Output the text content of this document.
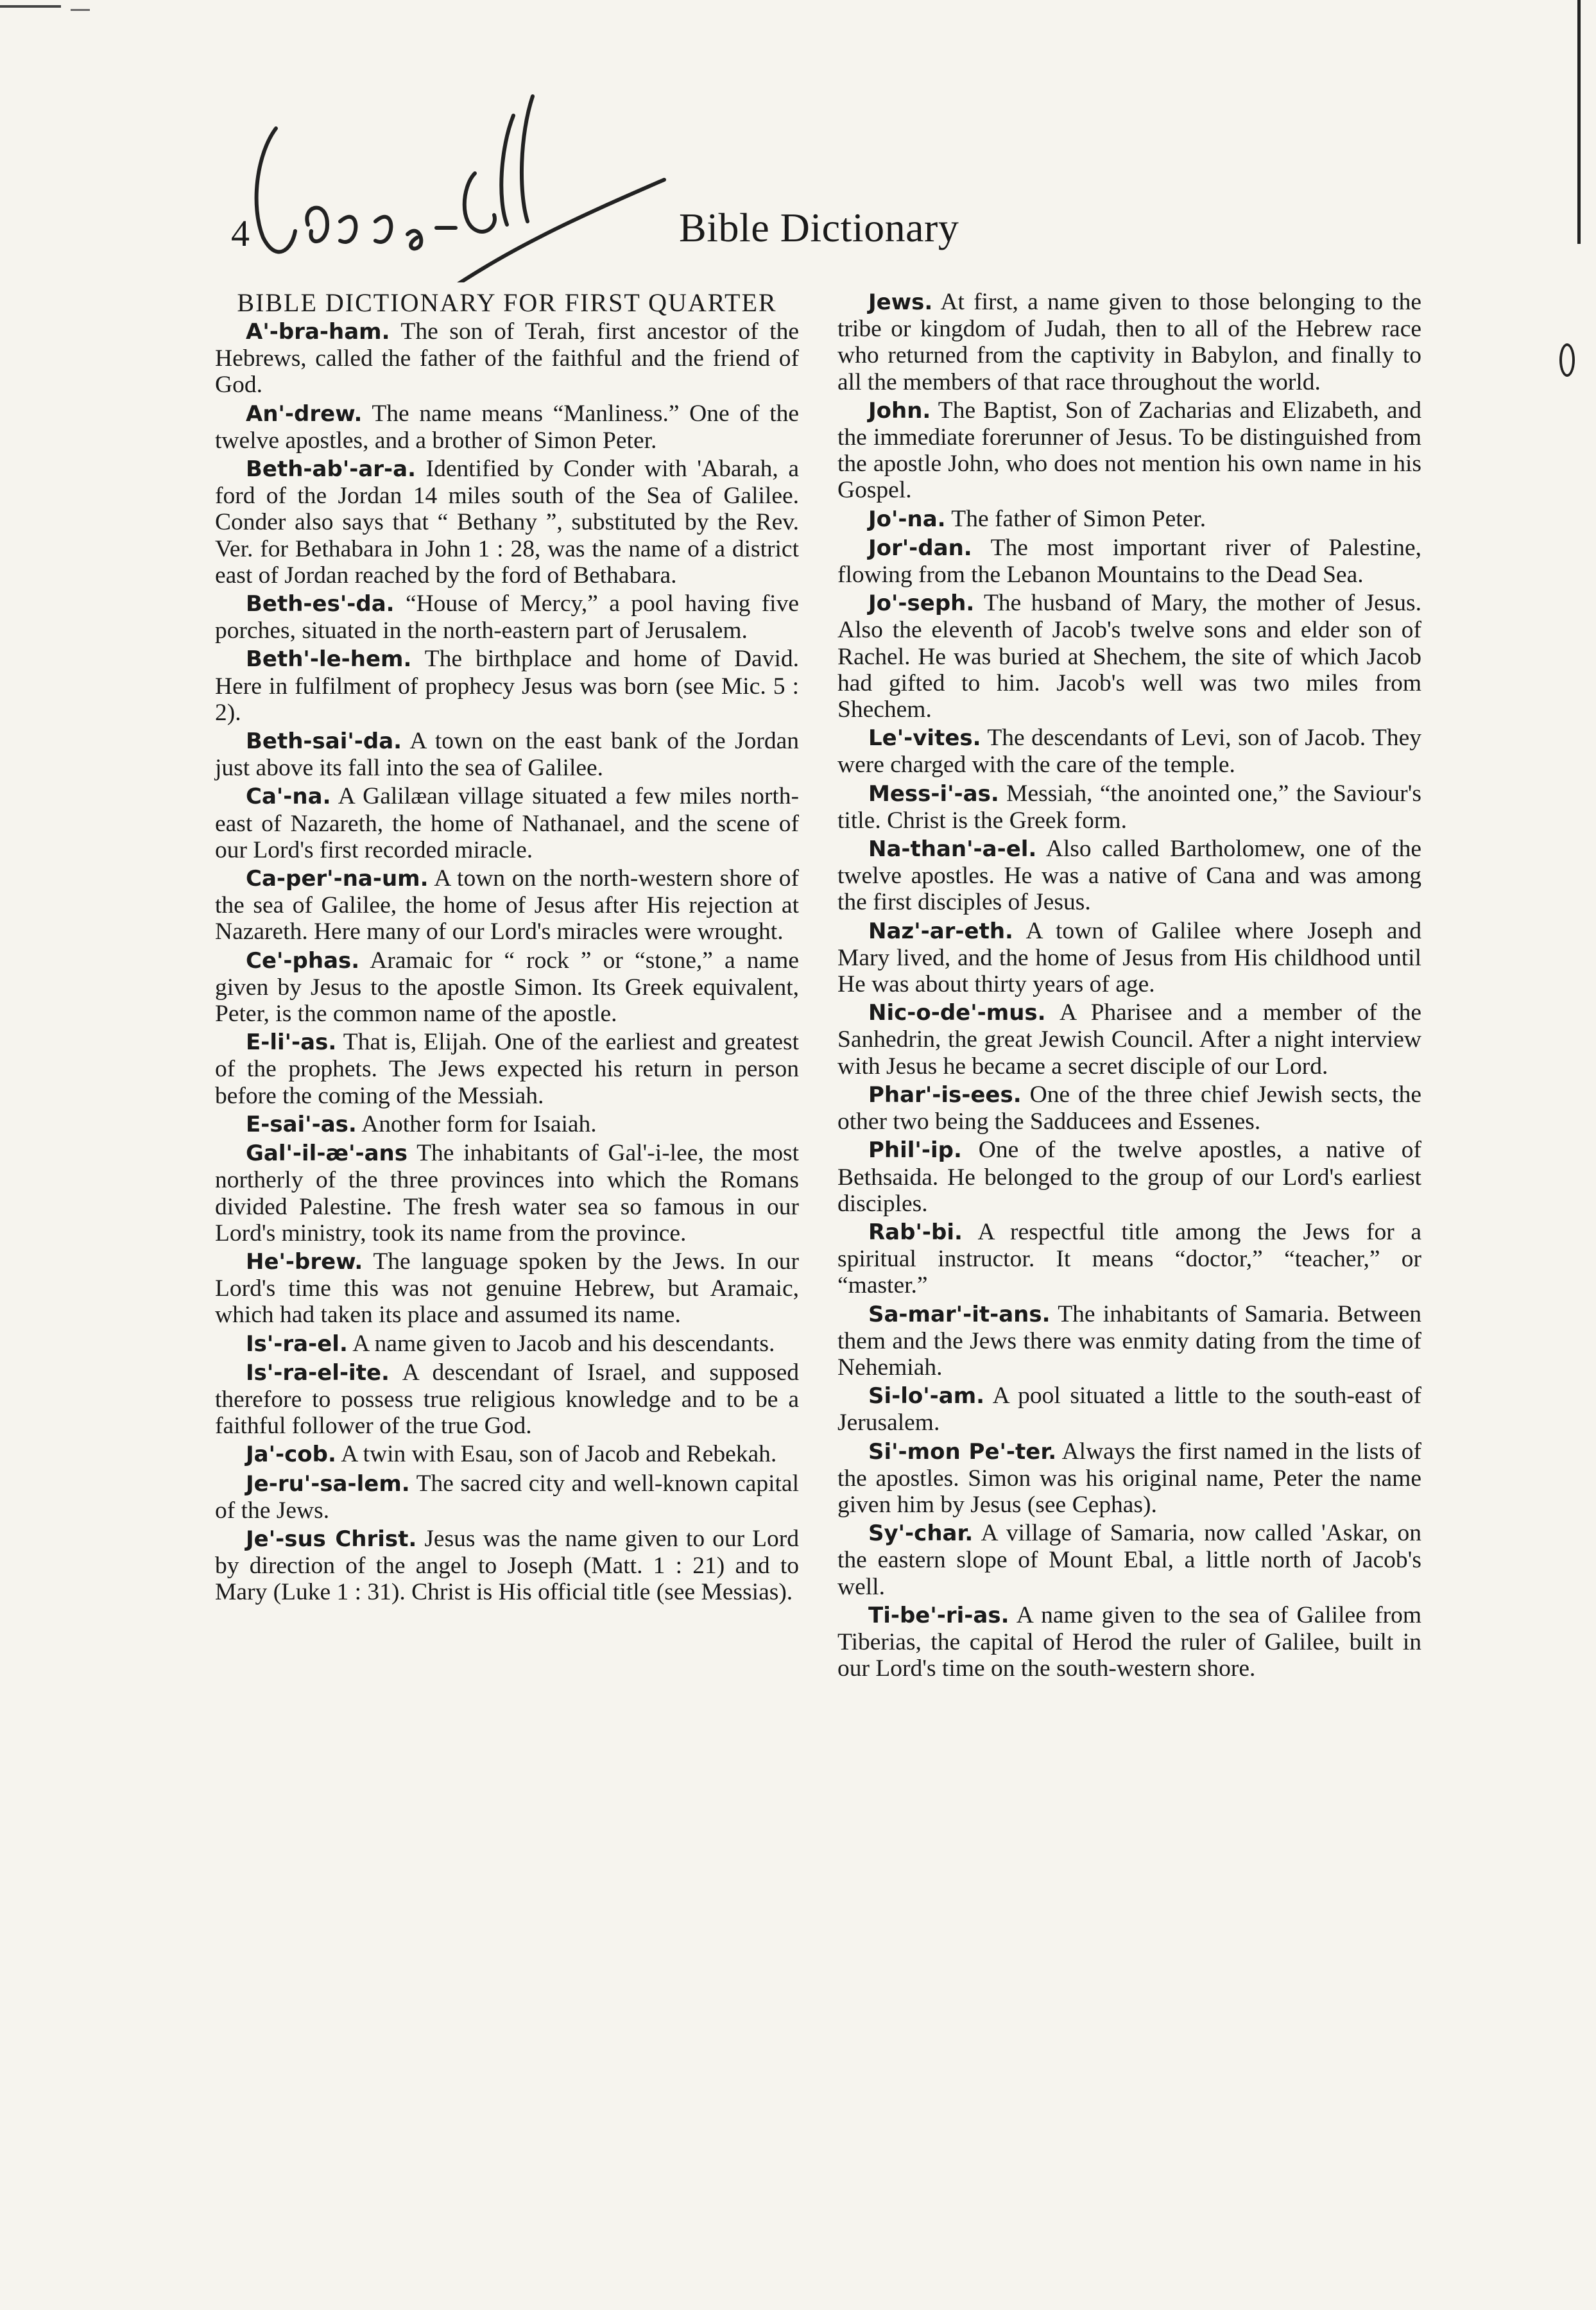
4	Bible Dictionary
BIBLE DICTIONARY FOR FIRST QUARTER

A'-bra-ham. The son of Terah, first ancestor of the Hebrews, called the father of the faithful and the friend of God.

An'-drew. The name means “Manliness.” One of the twelve apostles, and a brother of Simon Peter.

Beth-ab'-ar-a. Identified by Conder with 'Abarah, a ford of the Jordan 14 miles south of the Sea of Galilee. Conder also says that “ Bethany ”, substituted by the Rev. Ver. for Bethabara in John 1 : 28, was the name of a district east of Jordan reached by the ford of Bethabara.

Beth-es'-da. “House of Mercy,” a pool having five porches, situated in the north-eastern part of Jerusalem.

Beth'-le-hem. The birthplace and home of David. Here in fulfilment of prophecy Jesus was born (see Mic. 5 : 2).

Beth-sai'-da. A town on the east bank of the Jordan just above its fall into the sea of Galilee.

Ca'-na. A Galilæan village situated a few miles north-east of Nazareth, the home of Nathanael, and the scene of our Lord's first recorded miracle.

Ca-per'-na-um. A town on the north-western shore of the sea of Galilee, the home of Jesus after His rejection at Nazareth. Here many of our Lord's miracles were wrought.

Ce'-phas. Aramaic for “ rock ” or “stone,” a name given by Jesus to the apostle Simon. Its Greek equivalent, Peter, is the common name of the apostle.

E-li'-as. That is, Elijah. One of the earliest and greatest of the prophets. The Jews expected his return in person before the coming of the Messiah.

E-sai'-as. Another form for Isaiah.

Gal'-il-æ'-ans The inhabitants of Gal'-i-lee, the most northerly of the three provinces into which the Romans divided Palestine. The fresh water sea so famous in our Lord's ministry, took its name from the province.

He'-brew. The language spoken by the Jews. In our Lord's time this was not genuine Hebrew, but Aramaic, which had taken its place and assumed its name.

Is'-ra-el. A name given to Jacob and his descendants.

Is'-ra-el-ite. A descendant of Israel, and supposed therefore to possess true religious knowledge and to be a faithful follower of the true God.

Ja'-cob. A twin with Esau, son of Jacob and Rebekah.

Je-ru'-sa-lem. The sacred city and well-known capital of the Jews.

Je'-sus Christ. Jesus was the name given to our Lord by direction of the angel to Joseph (Matt. 1 : 21) and to Mary (Luke 1 : 31). Christ is His official title (see Messias).

Jews. At first, a name given to those belonging to the tribe or kingdom of Judah, then to all of the Hebrew race who returned from the captivity in Babylon, and finally to all the members of that race throughout the world.

John. The Baptist, Son of Zacharias and Elizabeth, and the immediate forerunner of Jesus. To be distinguished from the apostle John, who does not mention his own name in his Gospel.

Jo'-na. The father of Simon Peter.

Jor'-dan. The most important river of Palestine, flowing from the Lebanon Mountains to the Dead Sea.

Jo'-seph. The husband of Mary, the mother of Jesus. Also the eleventh of Jacob's twelve sons and elder son of Rachel. He was buried at Shechem, the site of which Jacob had gifted to him. Jacob's well was two miles from Shechem.

Le'-vites. The descendants of Levi, son of Jacob. They were charged with the care of the temple.

Mess-i'-as. Messiah, “the anointed one,” the Saviour's title. Christ is the Greek form.

Na-than'-a-el. Also called Bartholomew, one of the twelve apostles. He was a native of Cana and was among the first disciples of Jesus.

Naz'-ar-eth. A town of Galilee where Joseph and Mary lived, and the home of Jesus from His childhood until He was about thirty years of age.

Nic-o-de'-mus. A Pharisee and a member of the Sanhedrin, the great Jewish Council. After a night interview with Jesus he became a secret disciple of our Lord.

Phar'-is-ees. One of the three chief Jewish sects, the other two being the Sadducees and Essenes.

Phil'-ip. One of the twelve apostles, a native of Bethsaida. He belonged to the group of our Lord's earliest disciples.

Rab'-bi. A respectful title among the Jews for a spiritual instructor. It means “doctor,” “teacher,” or “master.”

Sa-mar'-it-ans. The inhabitants of Samaria. Between them and the Jews there was enmity dating from the time of Nehemiah.

Si-lo'-am. A pool situated a little to the south-east of Jerusalem.

Si'-mon Pe'-ter. Always the first named in the lists of the apostles. Simon was his original name, Peter the name given him by Jesus (see Cephas).

Sy'-char. A village of Samaria, now called 'Askar, on the eastern slope of Mount Ebal, a little north of Jacob's well.

Ti-be'-ri-as. A name given to the sea of Galilee from Tiberias, the capital of Herod the ruler of Galilee, built in our Lord's time on the south-western shore.
